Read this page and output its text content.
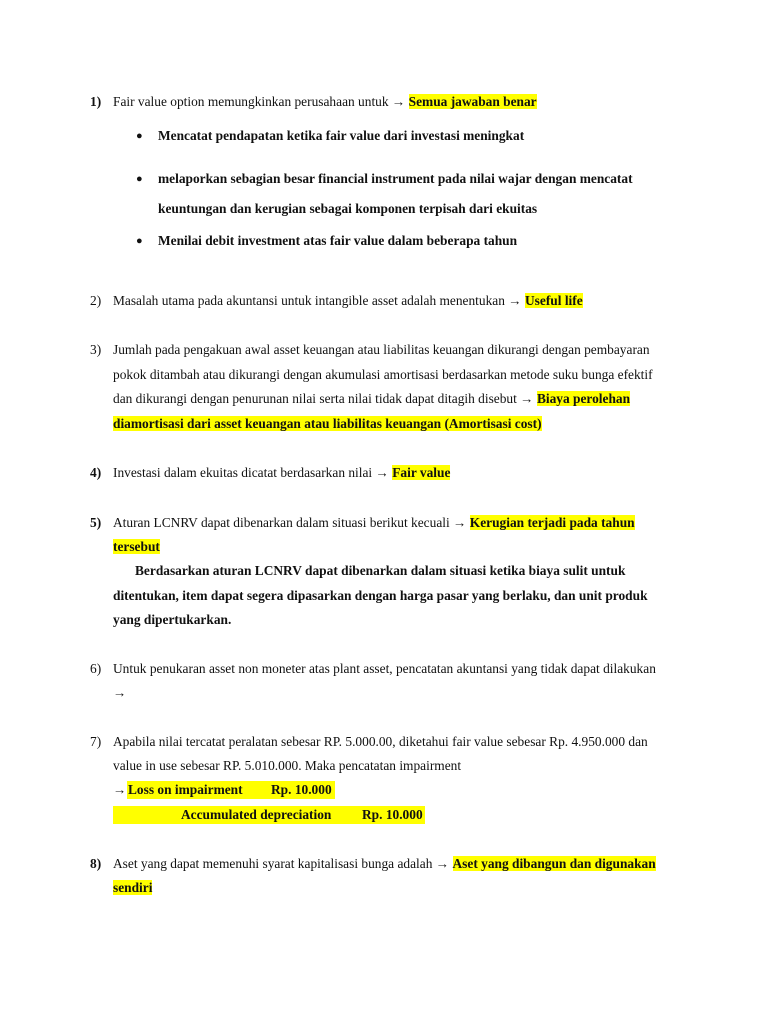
1) Fair value option memungkinkan perusahaan untuk → Semua jawaban benar
● Mencatat pendapatan ketika fair value dari investasi meningkat
● melaporkan sebagian besar financial instrument pada nilai wajar dengan mencatat
keuntungan dan kerugian sebagai komponen terpisah dari ekuitas
● Menilai debit investment atas fair value dalam beberapa tahun
2) Masalah utama pada akuntansi untuk intangible asset adalah menentukan → Useful life
3) Jumlah pada pengakuan awal asset keuangan atau liabilitas keuangan dikurangi dengan pembayaran
pokok ditambah atau dikurangi dengan akumulasi amortisasi berdasarkan metode suku bunga efektif
dan dikurangi dengan penurunan nilai serta nilai tidak dapat ditagih disebut → Biaya perolehan
diamortisasi dari asset keuangan atau liabilitas keuangan (Amortisasi cost)
4) Investasi dalam ekuitas dicatat berdasarkan nilai → Fair value
5) Aturan LCNRV dapat dibenarkan dalam situasi berikut kecuali → Kerugian terjadi pada tahun
tersebut
Berdasarkan aturan LCNRV dapat dibenarkan dalam situasi ketika biaya sulit untuk
ditentukan, item dapat segera dipasarkan dengan harga pasar yang berlaku, dan unit produk
yang dipertukarkan.
6) Untuk penukaran asset non moneter atas plant asset, pencatatan akuntansi yang tidak dapat dilakukan
→
7) Apabila nilai tercatat peralatan sebesar RP. 5.000.00, diketahui fair value sebesar Rp. 4.950.000 dan
value in use sebesar RP. 5.010.000. Maka pencatatan impairment
→ Loss on impairment Rp. 10.000
Accumulated depreciation Rp. 10.000
8) Aset yang dapat memenuhi syarat kapitalisasi bunga adalah → Aset yang dibangun dan digunakan
sendiri
